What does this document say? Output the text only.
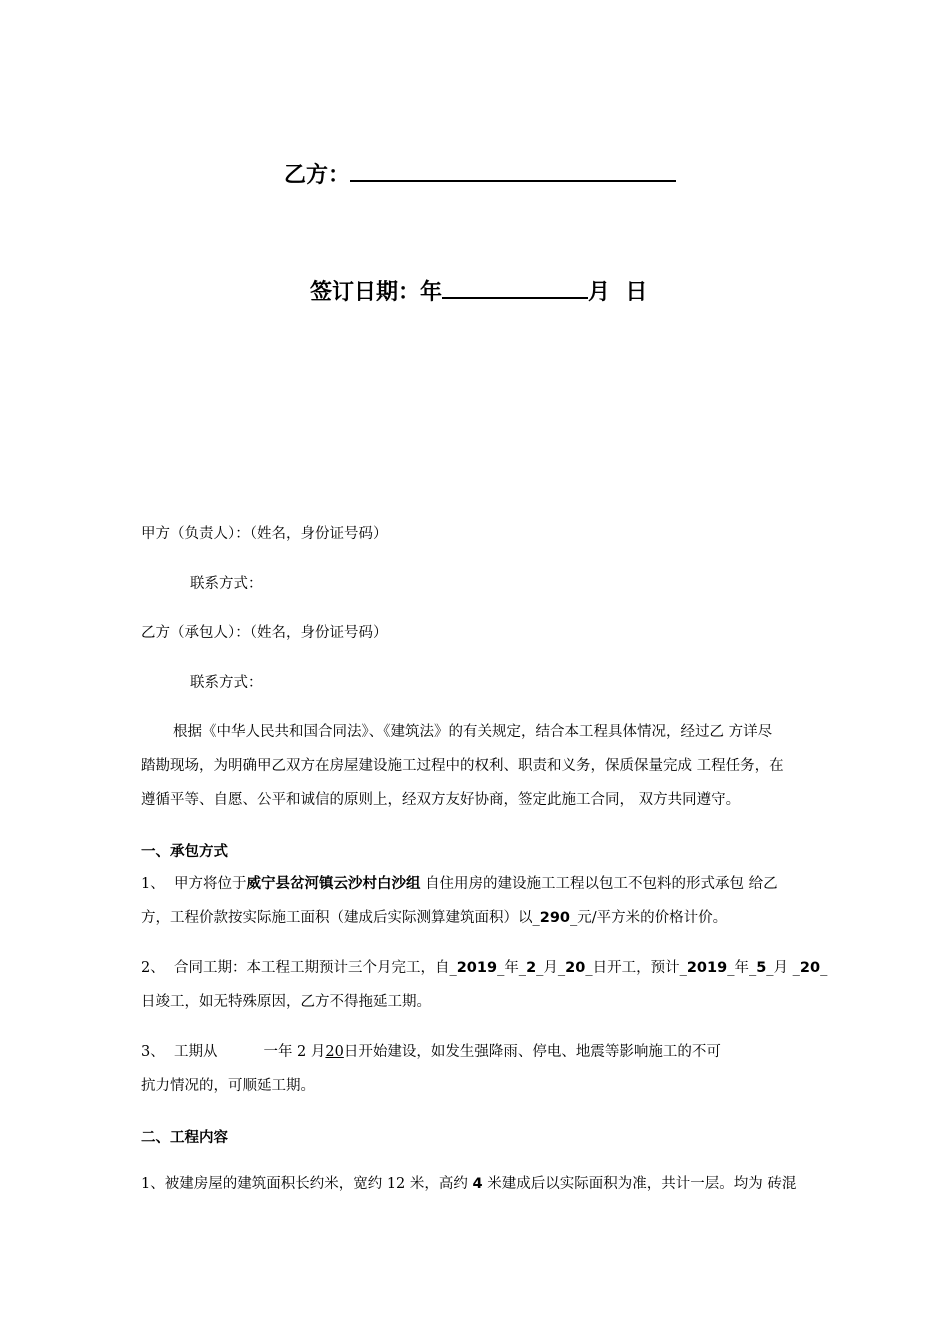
乙方：
签订日期：年	月 日
甲方（负责人）：（姓名，身份证号码）
联系方式：
乙方（承包人）：（姓名，身份证号码）
联系方式：
根据《中华人民共和国合同法》、《建筑法》的有关规定，结合本工程具体情况，经过乙 方详尽
踏勘现场，为明确甲乙双方在房屋建设施工过程中的权利、职责和义务，保质保量完成 工程任务，在
遵循平等、自愿、公平和诚信的原则上，经双方友好协商，签定此施工合同， 双方共同遵守。
一、承包方式
1、 甲方将位于威宁县岔河镇云沙村白沙组 自住用房的建设施工工程以包工不包料的形式承包 给乙
方，工程价款按实际施工面积（建成后实际测算建筑面积）以_290_元/平方米的价格计价。
2、 合同工期：本工程工期预计三个月完工，自_2019_年_2_月_20_日开工，预计_2019_年_5_月 _20_
日竣工，如无特殊原因，乙方不得拖延工期。
3、 工期从	一年 2 月20日开始建设，如发生强降雨、停电、地震等影响施工的不可
抗力情况的，可顺延工期。
二、工程内容
1、被建房屋的建筑面积长约米，宽约 12 米，高约 4 米建成后以实际面积为准，共计一层。均为 砖混
